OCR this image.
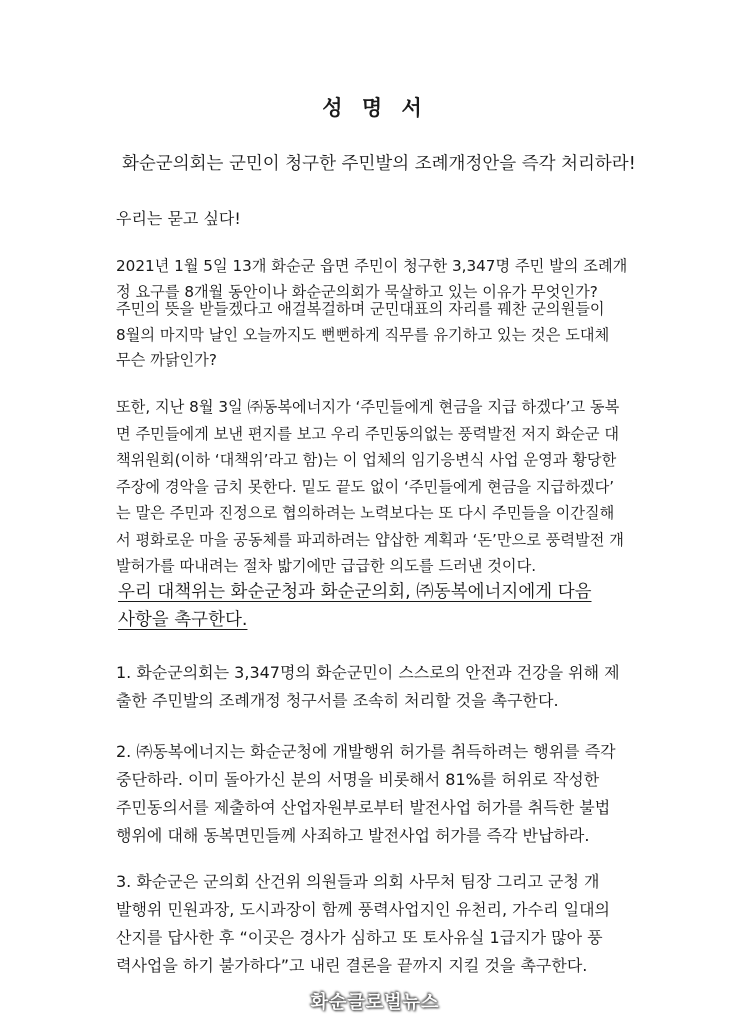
성 명 서
화순군의회는 군민이 청구한 주민발의 조례개정안을 즉각 처리하라!
우리는 묻고 싶다!
2021년 1월 5일 13개 화순군 읍면 주민이 청구한 3,347명 주민 발의 조례개
정 요구를 8개월 동안이나 화순군의회가 묵살하고 있는 이유가 무엇인가?
주민의 뜻을 받들겠다고 애걸복걸하며 군민대표의 자리를 꿰찬 군의원들이
8월의 마지막 날인 오늘까지도 뻔뻔하게 직무를 유기하고 있는 것은 도대체
무슨 까닭인가?
또한, 지난 8월 3일 ㈜동복에너지가 ‘주민들에게 현금을 지급 하겠다’고 동복
면 주민들에게 보낸 편지를 보고 우리 주민동의없는 풍력발전 저지 화순군 대
책위원회(이하 ‘대책위’라고 함)는 이 업체의 임기응변식 사업 운영과 황당한
주장에 경악을 금치 못한다. 밑도 끝도 없이 ‘주민들에게 현금을 지급하겠다’
는 말은 주민과 진정으로 협의하려는 노력보다는 또 다시 주민들을 이간질해
서 평화로운 마을 공동체를 파괴하려는 얍삽한 계획과 ‘돈’만으로 풍력발전 개
발허가를 따내려는 절차 밟기에만 급급한 의도를 드러낸 것이다.
우리 대책위는 화순군청과 화순군의회, ㈜동복에너지에게 다음
사항을 촉구한다.
1. 화순군의회는 3,347명의 화순군민이 스스로의 안전과 건강을 위해 제
출한 주민발의 조례개정 청구서를 조속히 처리할 것을 촉구한다.
2. ㈜동복에너지는 화순군청에 개발행위 허가를 취득하려는 행위를 즉각
중단하라. 이미 돌아가신 분의 서명을 비롯해서 81%를 허위로 작성한
주민동의서를 제출하여 산업자원부로부터 발전사업 허가를 취득한 불법
행위에 대해 동복면민들께 사죄하고 발전사업 허가를 즉각 반납하라.
3. 화순군은 군의회 산건위 의원들과 의회 사무처 팀장 그리고 군청 개
발행위 민원과장, 도시과장이 함께 풍력사업지인 유천리, 가수리 일대의
산지를 답사한 후 “이곳은 경사가 심하고 또 토사유실 1급지가 많아 풍
력사업을 하기 불가하다”고 내린 결론을 끝까지 지킬 것을 촉구한다.
화순글로벌뉴스
